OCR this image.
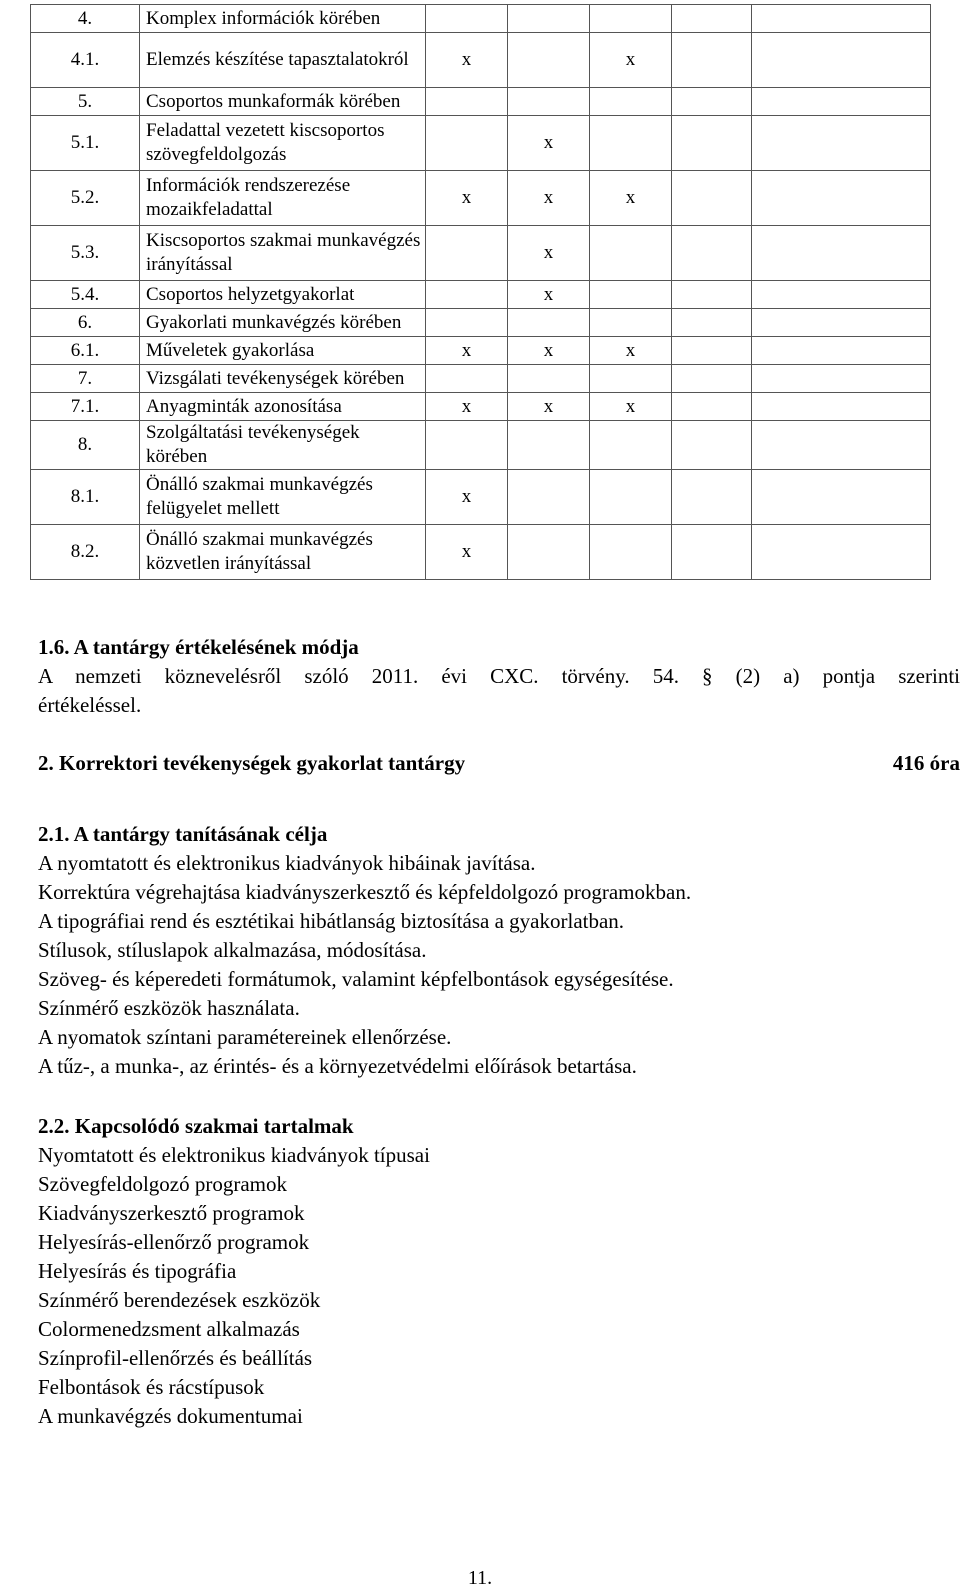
4.	Komplex információk körében						
4.1.	Elemzés készítése tapasztalatokról	x		x			
5.	Csoportos munkaformák körében						
5.1.	Feladattal vezetett kiscsoportos szövegfeldolgozás		x				
5.2.	Információk rendszerezése mozaikfeladattal	x	x	x			
5.3.	Kiscsoportos szakmai munkavégzés irányítással		x				
5.4.	Csoportos helyzetgyakorlat		x				
6.	Gyakorlati munkavégzés körében						
6.1.	Műveletek gyakorlása	x	x	x			
7.	Vizsgálati tevékenységek körében						
7.1.	Anyagminták azonosítása	x	x	x			
8.	Szolgáltatási tevékenységek körében						
8.1.	Önálló szakmai munkavégzés felügyelet mellett	x					
8.2.	Önálló szakmai munkavégzés közvetlen irányítással	x					

1.6. A tantárgy értékelésének módja

A nemzeti köznevelésről szóló 2011. évi CXC. törvény. 54. § (2) a) pontja szerinti

értékeléssel.

2. Korrektori tevékenységek gyakorlat tantárgy	416 óra

2.1. A tantárgy tanításának célja

A nyomtatott és elektronikus kiadványok hibáinak javítása.

Korrektúra végrehajtása kiadványszerkesztő és képfeldolgozó programokban.

A tipográfiai rend és esztétikai hibátlanság biztosítása a gyakorlatban.

Stílusok, stíluslapok alkalmazása, módosítása.

Szöveg- és képeredeti formátumok, valamint képfelbontások egységesítése.

Színmérő eszközök használata.

A nyomatok színtani paramétereinek ellenőrzése.

A tűz-, a munka-, az érintés- és a környezetvédelmi előírások betartása.

2.2. Kapcsolódó szakmai tartalmak

Nyomtatott és elektronikus kiadványok típusai

Szövegfeldolgozó programok

Kiadványszerkesztő programok

Helyesírás-ellenőrző programok

Helyesírás és tipográfia

Színmérő berendezések eszközök

Colormenedzsment alkalmazás

Színprofil-ellenőrzés és beállítás

Felbontások és rácstípusok

A munkavégzés dokumentumai

11.
